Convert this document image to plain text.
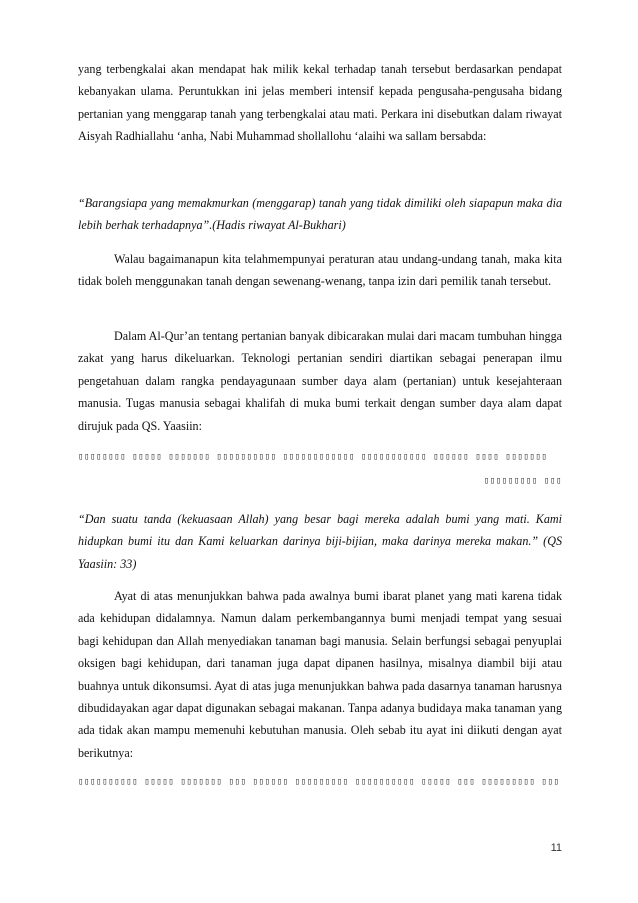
yang terbengkalai akan mendapat hak milik kekal terhadap tanah tersebut berdasarkan pendapat kebanyakan ulama. Peruntukkan ini jelas memberi intensif kepada pengusaha-pengusaha bidang pertanian yang menggarap tanah yang terbengkalai atau mati. Perkara ini disebutkan dalam riwayat Aisyah Radhiallahu ‘anha, Nabi Muhammad shollallohu ‘alaihi wa sallam bersabda:

“Barangsiapa yang memakmurkan (menggarap) tanah yang tidak dimiliki oleh siapapun maka dia lebih berhak terhadapnya”.(Hadis riwayat Al-Bukhari)

Walau bagaimanapun kita telahmempunyai peraturan atau undang-undang tanah, maka kita tidak boleh menggunakan tanah dengan sewenang-wenang, tanpa izin dari pemilik tanah tersebut.

Dalam Al-Qur’an tentang pertanian banyak dibicarakan mulai dari macam tumbuhan hingga zakat yang harus dikeluarkan. Teknologi pertanian sendiri diartikan sebagai penerapan ilmu pengetahuan dalam rangka pendayagunaan sumber daya alam (pertanian) untuk kesejahteraan manusia. Tugas manusia sebagai khalifah di muka bumi terkait dengan sumber daya alam dapat dirujuk pada QS. Yaasiin:

▯▯▯▯▯▯▯▯ ▯▯▯▯▯ ▯▯▯▯▯▯▯ ▯▯▯▯▯▯▯▯▯▯ ▯▯▯▯▯▯▯▯▯▯▯▯ ▯▯▯▯▯▯▯▯▯▯▯ ▯▯▯▯▯▯ ▯▯▯▯ ▯▯▯▯▯▯▯
▯▯▯▯▯▯▯▯▯ ▯▯▯

“Dan suatu tanda (kekuasaan Allah) yang besar bagi mereka adalah bumi yang mati. Kami hidupkan bumi itu dan Kami keluarkan darinya biji-bijian, maka darinya mereka makan.” (QS Yaasiin: 33)

Ayat di atas menunjukkan bahwa pada awalnya bumi ibarat planet yang mati karena tidak ada kehidupan didalamnya. Namun dalam perkembangannya bumi menjadi tempat yang sesuai bagi kehidupan dan Allah menyediakan tanaman bagi manusia. Selain berfungsi sebagai penyuplai oksigen bagi kehidupan, dari tanaman juga dapat dipanen hasilnya, misalnya diambil biji atau buahnya untuk dikonsumsi. Ayat di atas juga menunjukkan bahwa pada dasarnya tanaman harusnya dibudidayakan agar dapat digunakan sebagai makanan. Tanpa adanya budidaya maka tanaman yang ada tidak akan mampu memenuhi kebutuhan manusia. Oleh sebab itu ayat ini diikuti dengan ayat berikutnya:

▯▯▯▯▯▯▯▯▯▯ ▯▯▯▯▯ ▯▯▯▯▯▯▯ ▯▯▯ ▯▯▯▯▯▯ ▯▯▯▯▯▯▯▯▯ ▯▯▯▯▯▯▯▯▯▯ ▯▯▯▯▯ ▯▯▯ ▯▯▯▯▯▯▯▯▯ ▯▯▯
11
